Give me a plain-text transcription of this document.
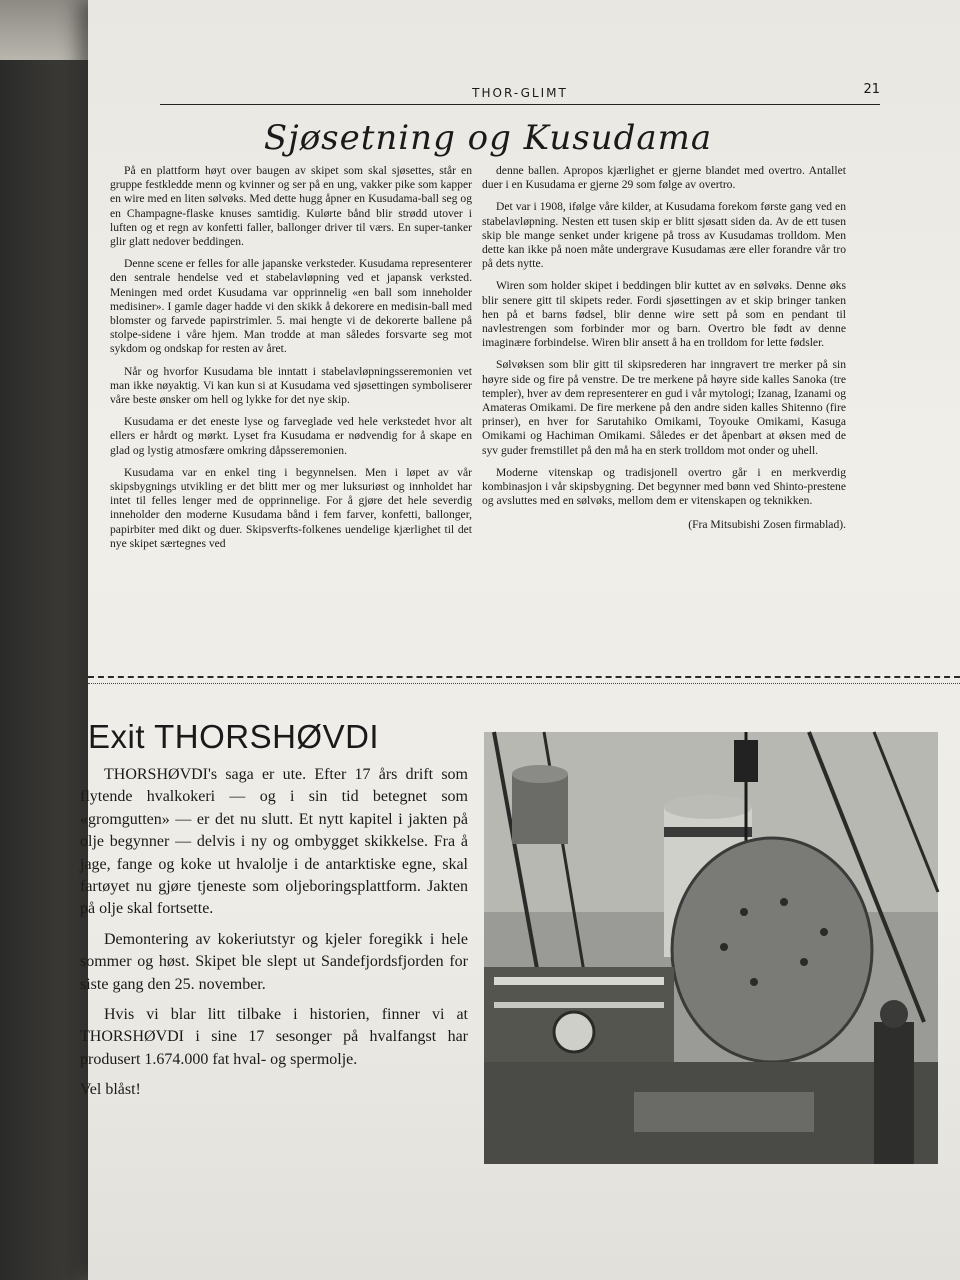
THOR-GLIMT	21
Sjøsetning og Kusudama

På en plattform høyt over baugen av skipet som skal sjøsettes, står en gruppe festkledde menn og kvinner og ser på en ung, vakker pike som kapper en wire med en liten sølvøks. Med dette hugg åpner en Kusudama-ball seg og en Champagne-flaske knuses samtidig. Kulørte bånd blir strødd utover i luften og et regn av konfetti faller, ballonger driver til værs. En super-tanker glir glatt nedover beddingen.

Denne scene er felles for alle japanske verksteder. Kusudama representerer den sentrale hendelse ved et stabelavløpning ved et japansk verksted. Meningen med ordet Kusudama var opprinnelig «en ball som inneholder medisiner». I gamle dager hadde vi den skikk å dekorere en medisin-ball med blomster og farvede papirstrimler. 5. mai hengte vi de dekorerte ballene på stolpe-sidene i våre hjem. Man trodde at man således forsvarte seg mot sykdom og ondskap for resten av året.

Når og hvorfor Kusudama ble inntatt i stabelavløpningsseremonien vet man ikke nøyaktig. Vi kan kun si at Kusudama ved sjøsettingen symboliserer våre beste ønsker om hell og lykke for det nye skip.

Kusudama er det eneste lyse og farveglade ved hele verkstedet hvor alt ellers er hårdt og mørkt. Lyset fra Kusudama er nødvendig for å skape en glad og lystig atmosfære omkring dåpsseremonien.

Kusudama var en enkel ting i begynnelsen. Men i løpet av vår skipsbygnings utvikling er det blitt mer og mer luksuriøst og innholdet har intet til felles lenger med de opprinnelige. For å gjøre det hele severdig inneholder den moderne Kusudama bånd i fem farver, konfetti, ballonger, papirbiter med dikt og duer. Skipsverfts-folkenes uendelige kjærlighet til det nye skipet særtegnes ved

denne ballen. Apropos kjærlighet er gjerne blandet med overtro. Antallet duer i en Kusudama er gjerne 29 som følge av overtro.

Det var i 1908, ifølge våre kilder, at Kusudama forekom første gang ved en stabelavløpning. Nesten ett tusen skip er blitt sjøsatt siden da. Av de ett tusen skip ble mange senket under krigene på tross av Kusudamas trolldom. Men dette kan ikke på noen måte undergrave Kusudamas ære eller forandre vår tro på dets nytte.

Wiren som holder skipet i beddingen blir kuttet av en sølvøks. Denne øks blir senere gitt til skipets reder. Fordi sjøsettingen av et skip bringer tanken hen på et barns fødsel, blir denne wire sett på som en pendant til navlestrengen som forbinder mor og barn. Overtro ble født av denne imaginære forbindelse. Wiren blir ansett å ha en trolldom for lette fødsler.

Sølvøksen som blir gitt til skipsrederen har inngravert tre merker på sin høyre side og fire på venstre. De tre merkene på høyre side kalles Sanoka (tre templer), hver av dem representerer en gud i vår mytologi; Izanag, Izanami og Amateras Omikami. De fire merkene på den andre siden kalles Shitenno (fire prinser), en hver for Sarutahiko Omikami, Toyouke Omikami, Kasuga Omikami og Hachiman Omikami. Således er det åpenbart at øksen med de syv guder fremstillet på den må ha en sterk trolldom mot onder og uhell.

Moderne vitenskap og tradisjonell overtro går i en merkverdig kombinasjon i vår skipsbygning. Det begynner med bønn ved Shinto-prestene og avsluttes med en sølvøks, mellom dem er vitenskapen og teknikken.

(Fra Mitsubishi Zosen firmablad).

Exit THORSHØVDI

THORSHØVDI's saga er ute. Efter 17 års drift som flytende hvalkokeri — og i sin tid betegnet som «gromgutten» — er det nu slutt. Et nytt kapitel i jakten på olje begynner — delvis i ny og ombygget skikkelse. Fra å jage, fange og koke ut hvalolje i de antarktiske egne, skal fartøyet nu gjøre tjeneste som oljeboringsplattform. Jakten på olje skal fortsette.

Demontering av kokeriutstyr og kjeler foregikk i hele sommer og høst. Skipet ble slept ut Sandefjordsfjorden for siste gang den 25. november.

Hvis vi blar litt tilbake i historien, finner vi at THORSHØVDI i sine 17 sesonger på hvalfangst har produsert 1.674.000 fat hval- og spermolje.

Vel blåst!
